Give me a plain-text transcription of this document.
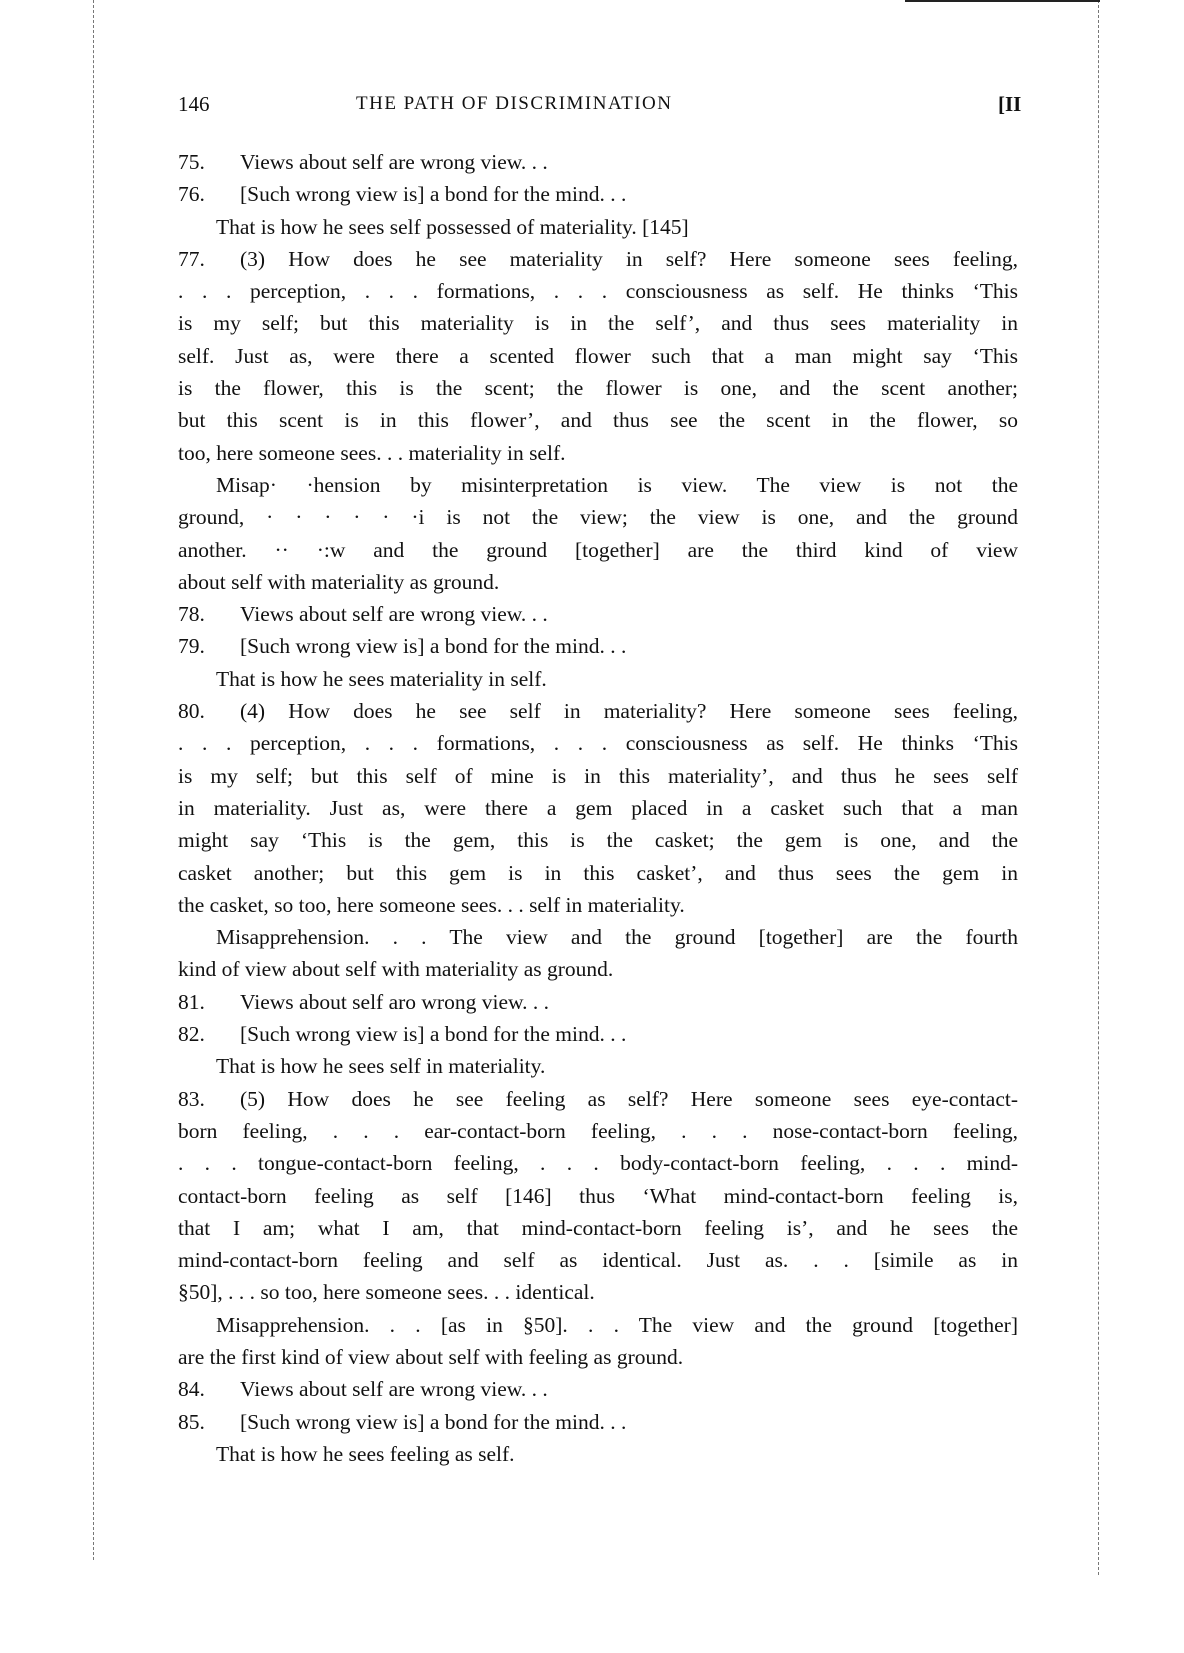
146	THE PATH OF DISCRIMINATION	[II
75. Views about self are wrong view. . .
76. [Such wrong view is] a bond for the mind. . .
That is how he sees self possessed of materiality. [145]
77. (3) How does he see materiality in self? Here someone sees feeling,
. . . perception, . . . formations, . . . consciousness as self. He thinks ‘This
is my self; but this materiality is in the self’, and thus sees materiality in
self. Just as, were there a scented flower such that a man might say ‘This
is the flower, this is the scent; the flower is one, and the scent another;
but this scent is in this flower’, and thus see the scent in the flower, so
too, here someone sees. . . materiality in self.
Misap· ·hension by misinterpretation is view. The view is not the
ground, · · · · · ·i is not the view; the view is one, and the ground
another. ·· ·:w and the ground [together] are the third kind of view
about self with materiality as ground.
78. Views about self are wrong view. . .
79. [Such wrong view is] a bond for the mind. . .
That is how he sees materiality in self.
80. (4) How does he see self in materiality? Here someone sees feeling,
. . . perception, . . . formations, . . . consciousness as self. He thinks ‘This
is my self; but this self of mine is in this materiality’, and thus he sees self
in materiality. Just as, were there a gem placed in a casket such that a man
might say ‘This is the gem, this is the casket; the gem is one, and the
casket another; but this gem is in this casket’, and thus sees the gem in
the casket, so too, here someone sees. . . self in materiality.
Misapprehension. . . The view and the ground [together] are the fourth
kind of view about self with materiality as ground.
81. Views about self aro wrong view. . .
82. [Such wrong view is] a bond for the mind. . .
That is how he sees self in materiality.
83. (5) How does he see feeling as self? Here someone sees eye-contact-
born feeling, . . . ear-contact-born feeling, . . . nose-contact-born feeling,
. . . tongue-contact-born feeling, . . . body-contact-born feeling, . . . mind-
contact-born feeling as self [146] thus ‘What mind-contact-born feeling is,
that I am; what I am, that mind-contact-born feeling is’, and he sees the
mind-contact-born feeling and self as identical. Just as. . . [simile as in
§50], . . . so too, here someone sees. . . identical.
Misapprehension. . . [as in §50]. . . The view and the ground [together]
are the first kind of view about self with feeling as ground.
84. Views about self are wrong view. . .
85. [Such wrong view is] a bond for the mind. . .
That is how he sees feeling as self.
